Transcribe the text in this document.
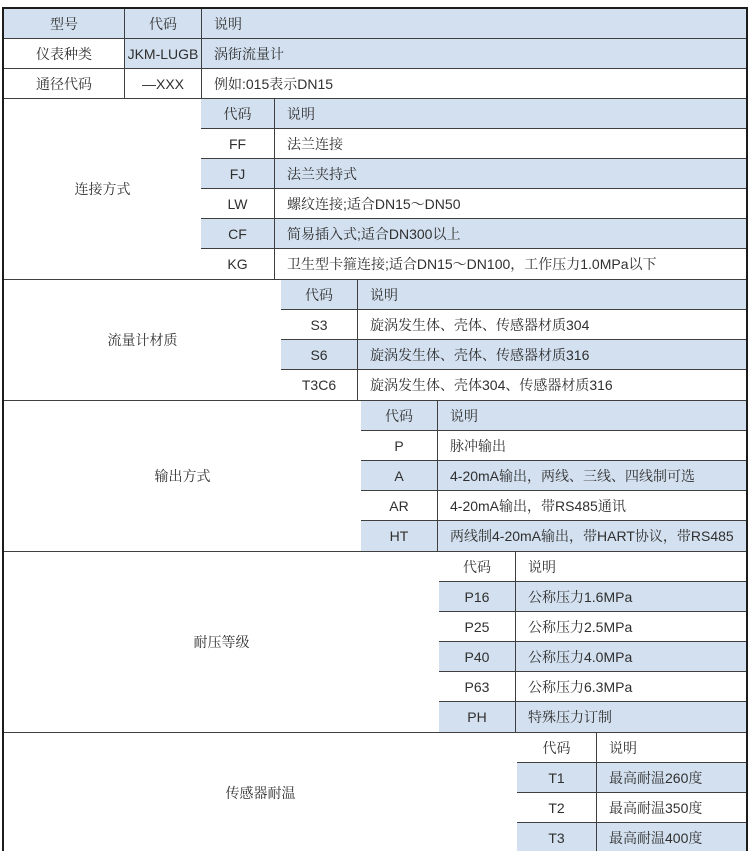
型号	代码	说明
仪表种类	JKM-LUGB	涡街流量计
通径代码	—XXX	例如:015表示DN15
连接方式
代码	说明
FF	法兰连接
FJ	法兰夹持式
LW	螺纹连接;适合DN15～DN50
CF	简易插入式;适合DN300以上
KG	卫生型卡箍连接;适合DN15～DN100，工作压力1.0MPa以下
流量计材质
代码	说明
S3	旋涡发生体、壳体、传感器材质304
S6	旋涡发生体、壳体、传感器材质316
T3C6	旋涡发生体、壳体304、传感器材质316
输出方式
代码	说明
P	脉冲输出
A	4-20mA输出，两线、三线、四线制可选
AR	4-20mA输出，带RS485通讯
HT	两线制4-20mA输出，带HART协议，带RS485
耐压等级
代码	说明
P16	公称压力1.6MPa
P25	公称压力2.5MPa
P40	公称压力4.0MPa
P63	公称压力6.3MPa
PH	特殊压力订制
传感器耐温
代码	说明
T1	最高耐温260度
T2	最高耐温350度
T3	最高耐温400度
